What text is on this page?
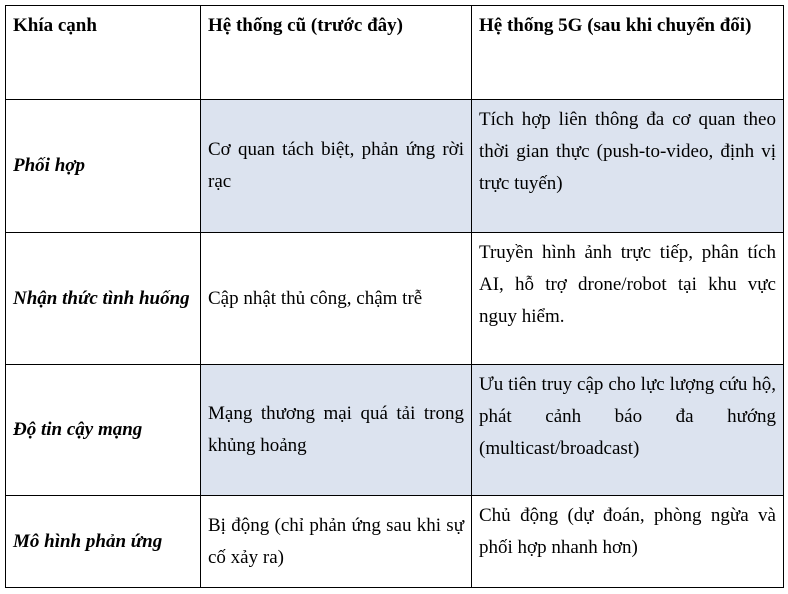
Khía cạnh	Hệ thống cũ (trước đây)	Hệ thống 5G (sau khi chuyển đổi)
Phối hợp	Cơ quan tách biệt, phản ứng rời rạc	Tích hợp liên thông đa cơ quan theo thời gian thực (push-to-video, định vị trực tuyến)
Nhận thức tình huống	Cập nhật thủ công, chậm trễ	Truyền hình ảnh trực tiếp, phân tích AI, hỗ trợ drone/robot tại khu vực nguy hiểm.
Độ tin cậy mạng	Mạng thương mại quá tải trong khủng hoảng	Ưu tiên truy cập cho lực lượng cứu hộ, phát cảnh báo đa hướng (multicast/broadcast)
Mô hình phản ứng	Bị động (chỉ phản ứng sau khi sự cố xảy ra)	Chủ động (dự đoán, phòng ngừa và phối hợp nhanh hơn)
